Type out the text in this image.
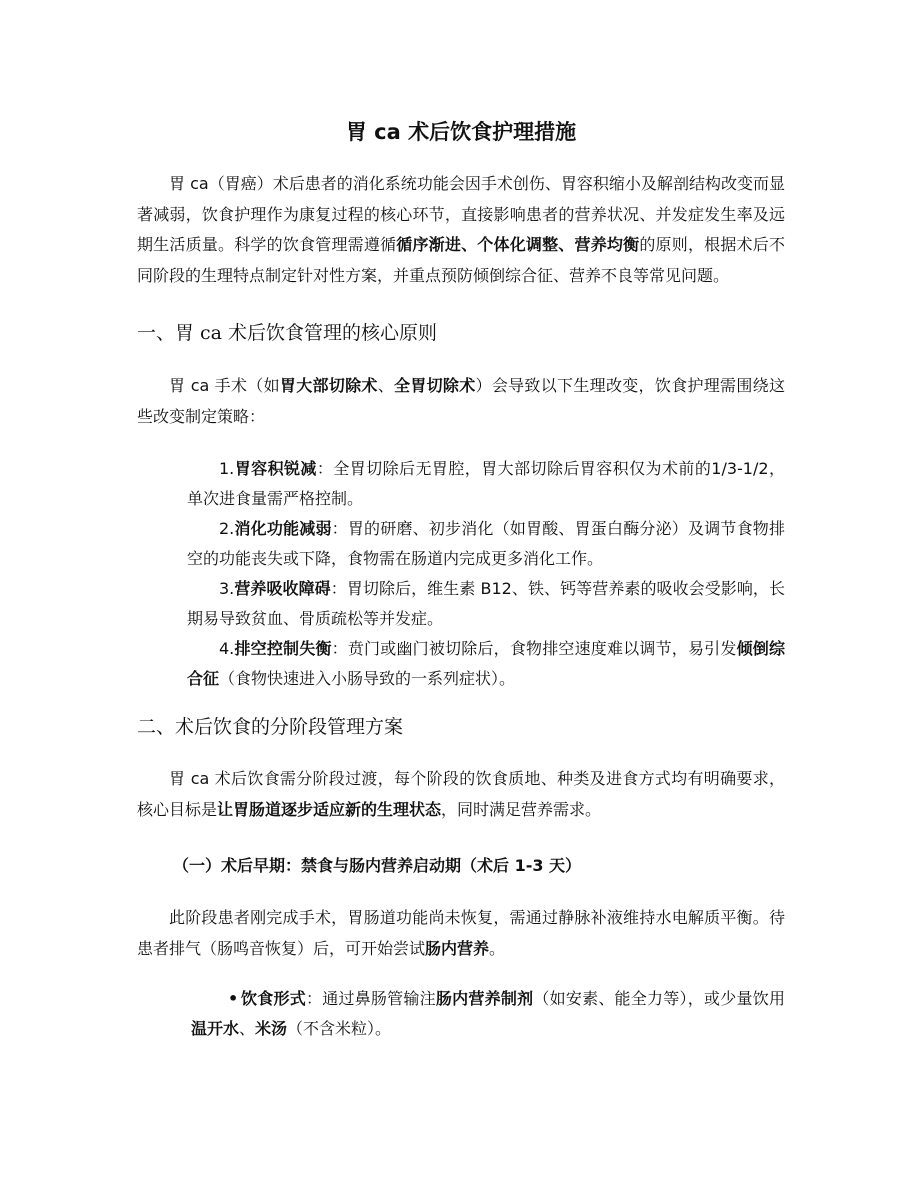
胃 ca 术后饮食护理措施

胃 ca（胃癌）术后患者的消化系统功能会因手术创伤、胃容积缩小及解剖结构改变而显著减弱，饮食护理作为康复过程的核心环节，直接影响患者的营养状况、并发症发生率及远期生活质量。科学的饮食管理需遵循循序渐进、个体化调整、营养均衡的原则，根据术后不同阶段的生理特点制定针对性方案，并重点预防倾倒综合征、营养不良等常见问题。

一、胃 ca 术后饮食管理的核心原则

胃 ca 手术（如胃大部切除术、全胃切除术）会导致以下生理改变，饮食护理需围绕这些改变制定策略：

1.胃容积锐减：全胃切除后无胃腔，胃大部切除后胃容积仅为术前的1/3-1/2，单次进食量需严格控制。

2.消化功能减弱：胃的研磨、初步消化（如胃酸、胃蛋白酶分泌）及调节食物排空的功能丧失或下降，食物需在肠道内完成更多消化工作。

3.营养吸收障碍：胃切除后，维生素 B12、铁、钙等营养素的吸收会受影响，长期易导致贫血、骨质疏松等并发症。

4.排空控制失衡：贲门或幽门被切除后，食物排空速度难以调节，易引发倾倒综合征（食物快速进入小肠导致的一系列症状）。

二、术后饮食的分阶段管理方案

胃 ca 术后饮食需分阶段过渡，每个阶段的饮食质地、种类及进食方式均有明确要求，核心目标是让胃肠道逐步适应新的生理状态，同时满足营养需求。

（一）术后早期：禁食与肠内营养启动期（术后 1-3 天）

此阶段患者刚完成手术，胃肠道功能尚未恢复，需通过静脉补液维持水电解质平衡。待患者排气（肠鸣音恢复）后，可开始尝试肠内营养。

• 饮食形式：通过鼻肠管输注肠内营养制剂（如安素、能全力等），或少量饮用温开水、米汤（不含米粒）。
